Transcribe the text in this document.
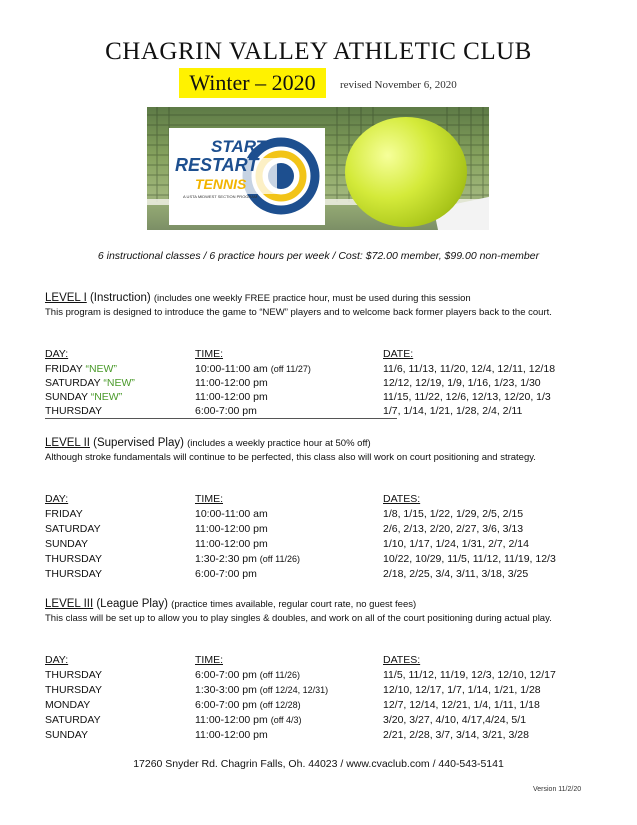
CHAGRIN VALLEY ATHLETIC CLUB
Winter – 2020	revised November 6, 2020
START
RESTART
TENNIS
A USTA MIDWEST SECTION PROGRAM
6 instructional classes / 6 practice hours per week / Cost: $72.00 member, $99.00 non-member
LEVEL I (Instruction) (includes one weekly FREE practice hour, must be used during this session
This program is designed to introduce the game to “NEW” players and to welcome back former players back to the court.
DAY:	TIME:	DATE:
FRIDAY “NEW”	10:00-11:00 am (off 11/27)	11/6, 11/13, 11/20, 12/4, 12/11, 12/18
SATURDAY “NEW”	11:00-12:00 pm	12/12, 12/19, 1/9, 1/16, 1/23, 1/30
SUNDAY “NEW”	11:00-12:00 pm	11/15, 11/22, 12/6, 12/13, 12/20, 1/3
THURSDAY	6:00-7:00 pm	1/7, 1/14, 1/21, 1/28, 2/4, 2/11
LEVEL II (Supervised Play) (includes a weekly practice hour at 50% off)
Although stroke fundamentals will continue to be perfected, this class also will work on court positioning and strategy.
DAY:	TIME:	DATES:
FRIDAY	10:00-11:00 am	1/8, 1/15, 1/22, 1/29, 2/5, 2/15
SATURDAY	11:00-12:00 pm	2/6, 2/13, 2/20, 2/27, 3/6, 3/13
SUNDAY	11:00-12:00 pm	1/10, 1/17, 1/24, 1/31, 2/7, 2/14
THURSDAY	1:30-2:30 pm (off 11/26)	10/22, 10/29, 11/5, 11/12, 11/19, 12/3
THURSDAY	6:00-7:00 pm	2/18, 2/25, 3/4, 3/11, 3/18, 3/25
LEVEL III (League Play) (practice times available, regular court rate, no guest fees)
This class will be set up to allow you to play singles & doubles, and work on all of the court positioning during actual play.
DAY:	TIME:	DATES:
THURSDAY	6:00-7:00 pm (off 11/26)	11/5, 11/12, 11/19, 12/3, 12/10, 12/17
THURSDAY	1:30-3:00 pm (off 12/24, 12/31)	12/10, 12/17, 1/7, 1/14, 1/21, 1/28
MONDAY	6:00-7:00 pm (off 12/28)	12/7, 12/14, 12/21, 1/4, 1/11, 1/18
SATURDAY	11:00-12:00 pm (off 4/3)	3/20, 3/27, 4/10, 4/17,4/24, 5/1
SUNDAY	11:00-12:00 pm	2/21, 2/28, 3/7, 3/14, 3/21, 3/28
17260 Snyder Rd. Chagrin Falls, Oh. 44023 / www.cvaclub.com / 440-543-5141
Version 11/2/20
